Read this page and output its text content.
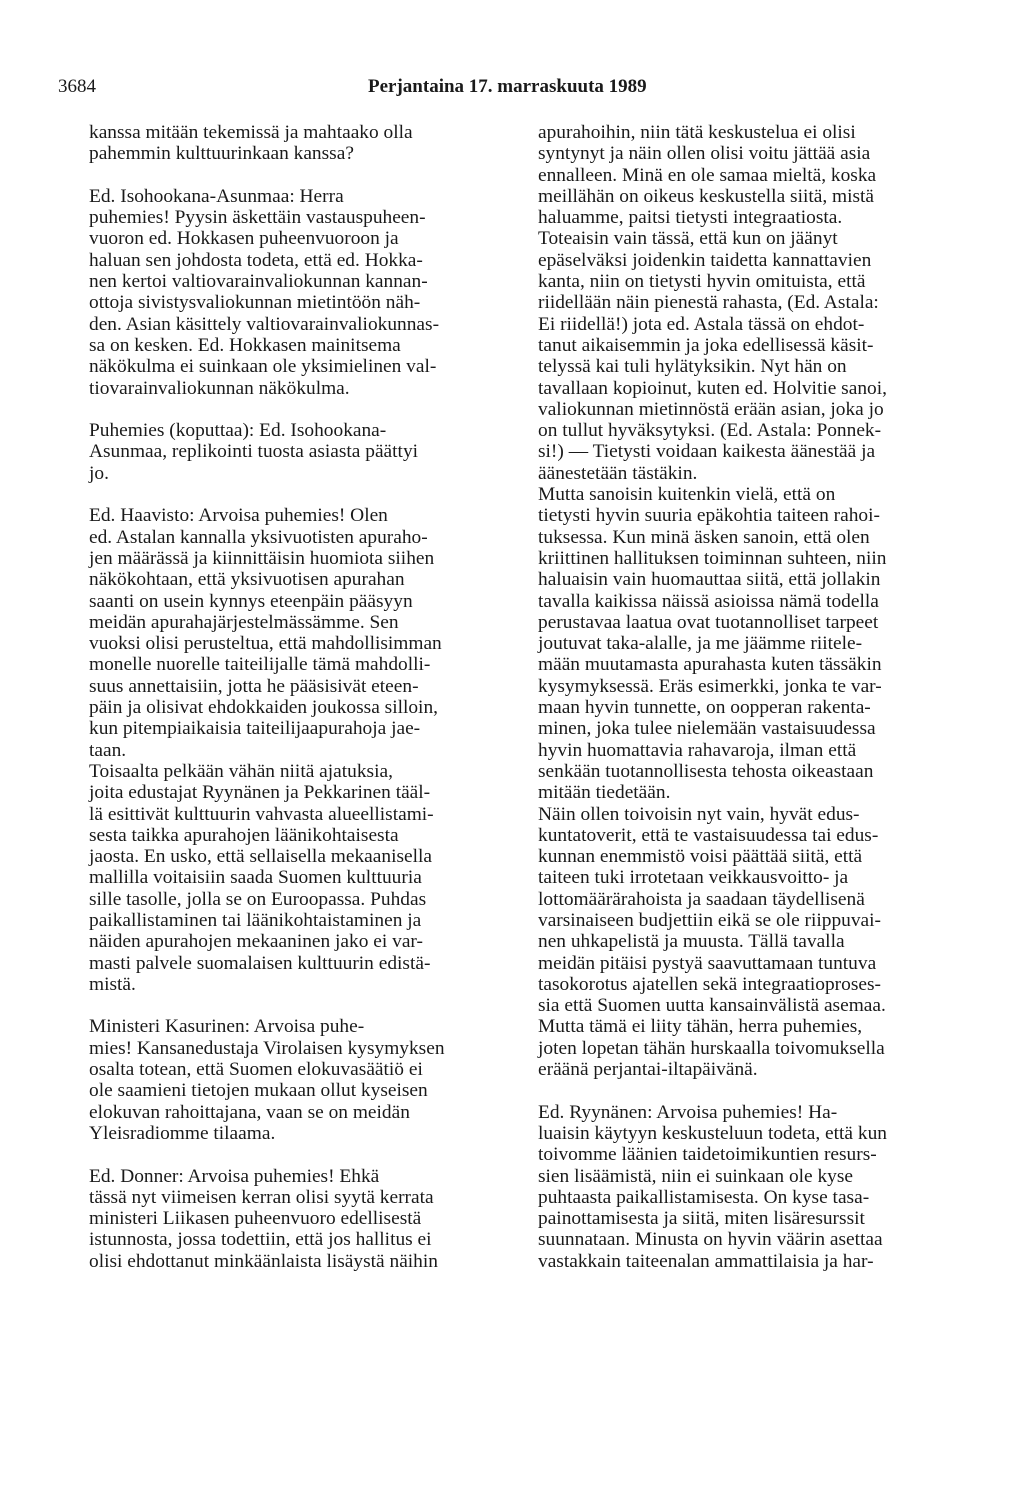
3684	Perjantaina 17. marraskuuta 1989
kanssa mitään tekemissä ja mahtaako olla
pahemmin kulttuurinkaan kanssa?
Ed. Isohookana-Asunmaa: Herra
puhemies! Pyysin äskettäin vastauspuheen-
vuoron ed. Hokkasen puheenvuoroon ja
haluan sen johdosta todeta, että ed. Hokka-
nen kertoi valtiovarainvaliokunnan kannan-
ottoja sivistysvaliokunnan mietintöön näh-
den. Asian käsittely valtiovarainvaliokunnas-
sa on kesken. Ed. Hokkasen mainitsema
näkökulma ei suinkaan ole yksimielinen val-
tiovarainvaliokunnan näkökulma.
Puhemies (koputtaa): Ed. Isohookana-
Asunmaa, replikointi tuosta asiasta päättyi
jo.
Ed. Haavisto: Arvoisa puhemies! Olen
ed. Astalan kannalla yksivuotisten apuraho-
jen määrässä ja kiinnittäisin huomiota siihen
näkökohtaan, että yksivuotisen apurahan
saanti on usein kynnys eteenpäin pääsyyn
meidän apurahajärjestelmässämme. Sen
vuoksi olisi perusteltua, että mahdollisimman
monelle nuorelle taiteilijalle tämä mahdolli-
suus annettaisiin, jotta he pääsisivät eteen-
päin ja olisivat ehdokkaiden joukossa silloin,
kun pitempiaikaisia taiteilijaapurahoja jae-
taan.
Toisaalta pelkään vähän niitä ajatuksia,
joita edustajat Ryynänen ja Pekkarinen tääl-
lä esittivät kulttuurin vahvasta alueellistami-
sesta taikka apurahojen läänikohtaisesta
jaosta. En usko, että sellaisella mekaanisella
mallilla voitaisiin saada Suomen kulttuuria
sille tasolle, jolla se on Euroopassa. Puhdas
paikallistaminen tai läänikohtaistaminen ja
näiden apurahojen mekaaninen jako ei var-
masti palvele suomalaisen kulttuurin edistä-
mistä.
Ministeri Kasurinen: Arvoisa puhe-
mies! Kansanedustaja Virolaisen kysymyksen
osalta totean, että Suomen elokuvasäätiö ei
ole saamieni tietojen mukaan ollut kyseisen
elokuvan rahoittajana, vaan se on meidän
Yleisradiomme tilaama.
Ed. Donner: Arvoisa puhemies! Ehkä
tässä nyt viimeisen kerran olisi syytä kerrata
ministeri Liikasen puheenvuoro edellisestä
istunnosta, jossa todettiin, että jos hallitus ei
olisi ehdottanut minkäänlaista lisäystä näihin
apurahoihin, niin tätä keskustelua ei olisi
syntynyt ja näin ollen olisi voitu jättää asia
ennalleen. Minä en ole samaa mieltä, koska
meillähän on oikeus keskustella siitä, mistä
haluamme, paitsi tietysti integraatiosta.
Toteaisin vain tässä, että kun on jäänyt
epäselväksi joidenkin taidetta kannattavien
kanta, niin on tietysti hyvin omituista, että
riidellään näin pienestä rahasta, (Ed. Astala:
Ei riidellä!) jota ed. Astala tässä on ehdot-
tanut aikaisemmin ja joka edellisessä käsit-
telyssä kai tuli hylätyksikin. Nyt hän on
tavallaan kopioinut, kuten ed. Holvitie sanoi,
valiokunnan mietinnöstä erään asian, joka jo
on tullut hyväksytyksi. (Ed. Astala: Ponnek-
si!) — Tietysti voidaan kaikesta äänestää ja
äänestetään tästäkin.
Mutta sanoisin kuitenkin vielä, että on
tietysti hyvin suuria epäkohtia taiteen rahoi-
tuksessa. Kun minä äsken sanoin, että olen
kriittinen hallituksen toiminnan suhteen, niin
haluaisin vain huomauttaa siitä, että jollakin
tavalla kaikissa näissä asioissa nämä todella
perustavaa laatua ovat tuotannolliset tarpeet
joutuvat taka-alalle, ja me jäämme riitele-
mään muutamasta apurahasta kuten tässäkin
kysymyksessä. Eräs esimerkki, jonka te var-
maan hyvin tunnette, on oopperan rakenta-
minen, joka tulee nielemään vastaisuudessa
hyvin huomattavia rahavaroja, ilman että
senkään tuotannollisesta tehosta oikeastaan
mitään tiedetään.
Näin ollen toivoisin nyt vain, hyvät edus-
kuntatoverit, että te vastaisuudessa tai edus-
kunnan enemmistö voisi päättää siitä, että
taiteen tuki irrotetaan veikkausvoitto- ja
lottomäärärahoista ja saadaan täydellisenä
varsinaiseen budjettiin eikä se ole riippuvai-
nen uhkapelistä ja muusta. Tällä tavalla
meidän pitäisi pystyä saavuttamaan tuntuva
tasokorotus ajatellen sekä integraatioproses-
sia että Suomen uutta kansainvälistä asemaa.
Mutta tämä ei liity tähän, herra puhemies,
joten lopetan tähän hurskaalla toivomuksella
eräänä perjantai-iltapäivänä.
Ed. Ryynänen: Arvoisa puhemies! Ha-
luaisin käytyyn keskusteluun todeta, että kun
toivomme läänien taidetoimikuntien resurs-
sien lisäämistä, niin ei suinkaan ole kyse
puhtaasta paikallistamisesta. On kyse tasa-
painottamisesta ja siitä, miten lisäresurssit
suunnataan. Minusta on hyvin väärin asettaa
vastakkain taiteenalan ammattilaisia ja har-
